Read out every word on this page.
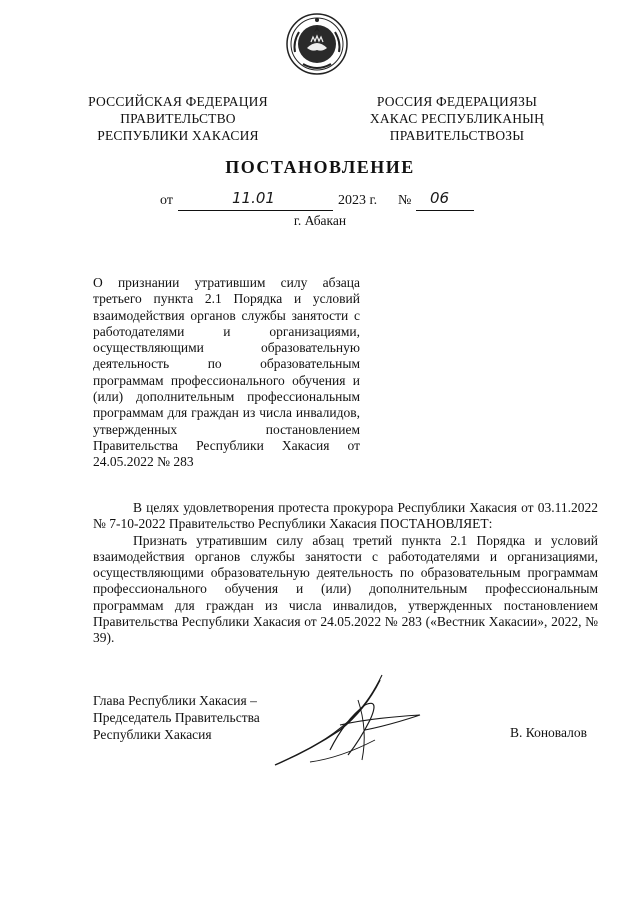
РОССИЙСКАЯ ФЕДЕРАЦИЯ
ПРАВИТЕЛЬСТВО
РЕСПУБЛИКИ ХАКАСИЯ
РОССИЯ ФЕДЕРАЦИЯЗЫ
ХАКАС РЕСПУБЛИКАНЫҢ
ПРАВИТЕЛЬСТВОЗЫ
ПОСТАНОВЛЕНИЕ
от	11.01	2023 г. № 06
г. Абакан
О признании утратившим силу абзаца третьего пункта 2.1 Порядка и условий взаимодействия органов службы занятости с работодателями и организациями, осуществляющими образовательную деятельность по образовательным программам профессионального обучения и (или) дополнительным профессиональным программам для граждан из числа инвалидов, утвержденных постановлением Правительства Республики Хакасия от 24.05.2022 № 283

В целях удовлетворения протеста прокурора Республики Хакасия от 03.11.2022 № 7-10-2022 Правительство Республики Хакасия ПОСТАНОВЛЯЕТ:

Признать утратившим силу абзац третий пункта 2.1 Порядка и условий взаимодействия органов службы занятости с работодателями и организациями, осуществляющими образовательную деятельность по образовательным программам профессионального обучения и (или) дополнительным профессиональным программам для граждан из числа инвалидов, утвержденных постановлением Правительства Республики Хакасия от 24.05.2022 № 283 («Вестник Хакасии», 2022, № 39).

Глава Республики Хакасия –
Председатель Правительства
Республики Хакасия	В. Коновалов
